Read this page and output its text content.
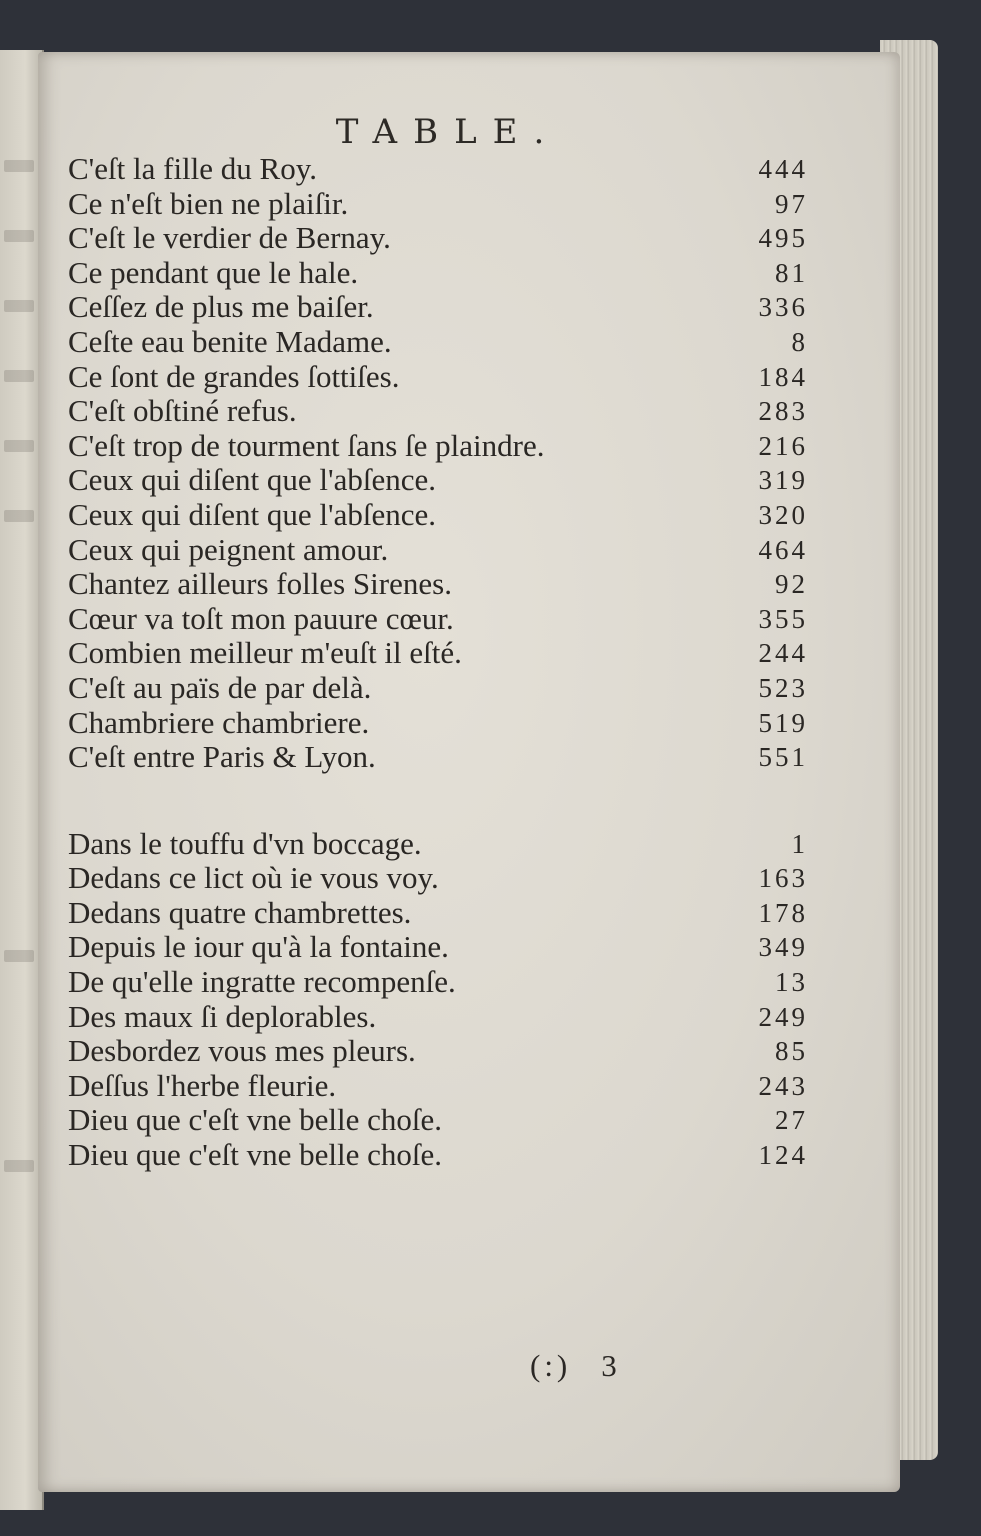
TABLE.
C'eſt la fille du Roy.	444
Ce n'eſt bien ne plaiſir.	97
C'eſt le verdier de Bernay.	495
Ce pendant que le hale.	81
Ceſſez de plus me baiſer.	336
Ceſte eau benite Madame.	8
Ce ſont de grandes ſottiſes.	184
C'eſt obſtiné refus.	283
C'eſt trop de tourment ſans ſe plaindre.	216
Ceux qui diſent que l'abſence.	319
Ceux qui diſent que l'abſence.	320
Ceux qui peignent amour.	464
Chantez ailleurs folles Sirenes.	92
Cœur va toſt mon pauure cœur.	355
Combien meilleur m'euſt il eſté.	244
C'eſt au païs de par delà.	523
Chambriere chambriere.	519
C'eſt entre Paris & Lyon.	551
Dans le touffu d'vn boccage.	1
Dedans ce lict où ie vous voy.	163
Dedans quatre chambrettes.	178
Depuis le iour qu'à la fontaine.	349
De qu'elle ingratte recompenſe.	13
Des maux ſi deplorables.	249
Desbordez vous mes pleurs.	85
Deſſus l'herbe fleurie.	243
Dieu que c'eſt vne belle choſe.	27
Dieu que c'eſt vne belle choſe.	124
(:) 3
